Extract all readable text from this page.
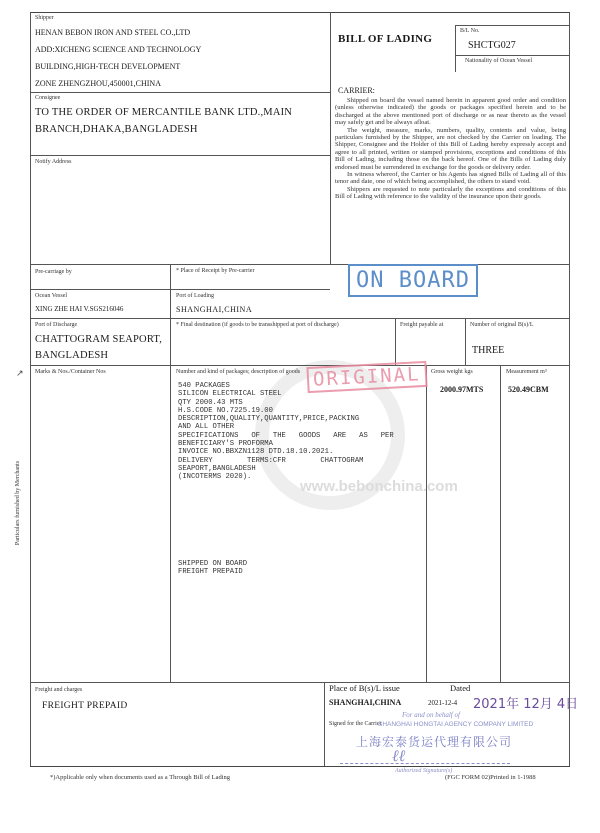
www.bebonchina.com
Shipper
HENAN BEBON IRON AND STEEL CO.,LTD
ADD:XICHENG SCIENCE AND TECHNOLOGY
BUILDING,HIGH-TECH DEVELOPMENT
ZONE ZHENGZHOU,450001,CHINA
BILL OF LADING
B/L No.
SHCTG027
Nationality of Ocean Vessel
Consignee
TO THE ORDER OF MERCANTILE BANK LTD.,MAIN
BRANCH,DHAKA,BANGLADESH
Notify Address
CARRIER:
Shipped on board the vessel named herein in apparent good order and condition (unless otherwise indicated) the goods or packages specified herein and to be discharged at the above mentioned port of discharge or as near thereto as the vessel may safely get and be always afloat.
The weight, measure, marks, numbers, quality, contents and value, being particulars furnished by the Shipper, are not checked by the Carrier on loading. The Shipper, Consignee and the Holder of this Bill of Lading hereby expressly accept and agree to all printed, written or stamped provisions, exceptions and conditions of this Bill of Lading, including those on the back hereof. One of the Bills of Lading duly endorsed must be surrendered in exchange for the goods or delivery order.
In witness whereof, the Carrier or his Agents has signed Bills of Lading all of this tenor and date, one of which being accomplished, the others to stand void.
Shippers are requested to note particularly the exceptions and conditions of this Bill of Lading with reference to the validity of the insurance upon their goods.
ON BOARD
Pre-carriage by	* Place of Receipt by Pre-carrier
Ocean Vessel
XING ZHE HAI V.SGS216046
Port of Loading
SHANGHAI,CHINA
Port of Discharge
CHATTOGRAM SEAPORT,
BANGLADESH
* Final destination (if goods to be transshipped at port of discharge)	Freight payable at	Number of original B(s)/L
THREE
↗
Particulars furnished by Merchants
Marks & Nos./Container Nos	Number and kind of packages; description of goods	Gross weight kgs	Measurement m³
ORIGINAL
540 PACKAGES
SILICON ELECTRICAL STEEL
QTY 2000.43 MTS
H.S.CODE NO.7225.19.00
DESCRIPTION,QUALITY,QUANTITY,PRICE,PACKING
AND ALL OTHER
SPECIFICATIONS   OF   THE   GOODS   ARE   AS   PER
BENEFICIARY'S PROFORMA
INVOICE NO.BBXZN1128 DTD.18.10.2021.
DELIVERY        TERMS:CFR        CHATTOGRAM
SEAPORT,BANGLADESH
(INCOTERMS 2020).
2000.97MTS	520.49CBM
SHIPPED ON BOARD
FREIGHT PREPAID
Freight and charges
FREIGHT PREPAID
Place of B(s)/L issue	Dated
SHANGHAI,CHINA	2021-12-4 2021年 12月 4日
For and on behalf of
Signed for the Carrier
SHANGHAI HONGTAI AGENCY COMPANY LIMITED
上海宏泰货运代理有限公司
ℓℓ
Authorized Signature(s)
*)Applicable only when documents used as a Through Bill of Lading	(FGC FORM 02)Printed in 1-1988
